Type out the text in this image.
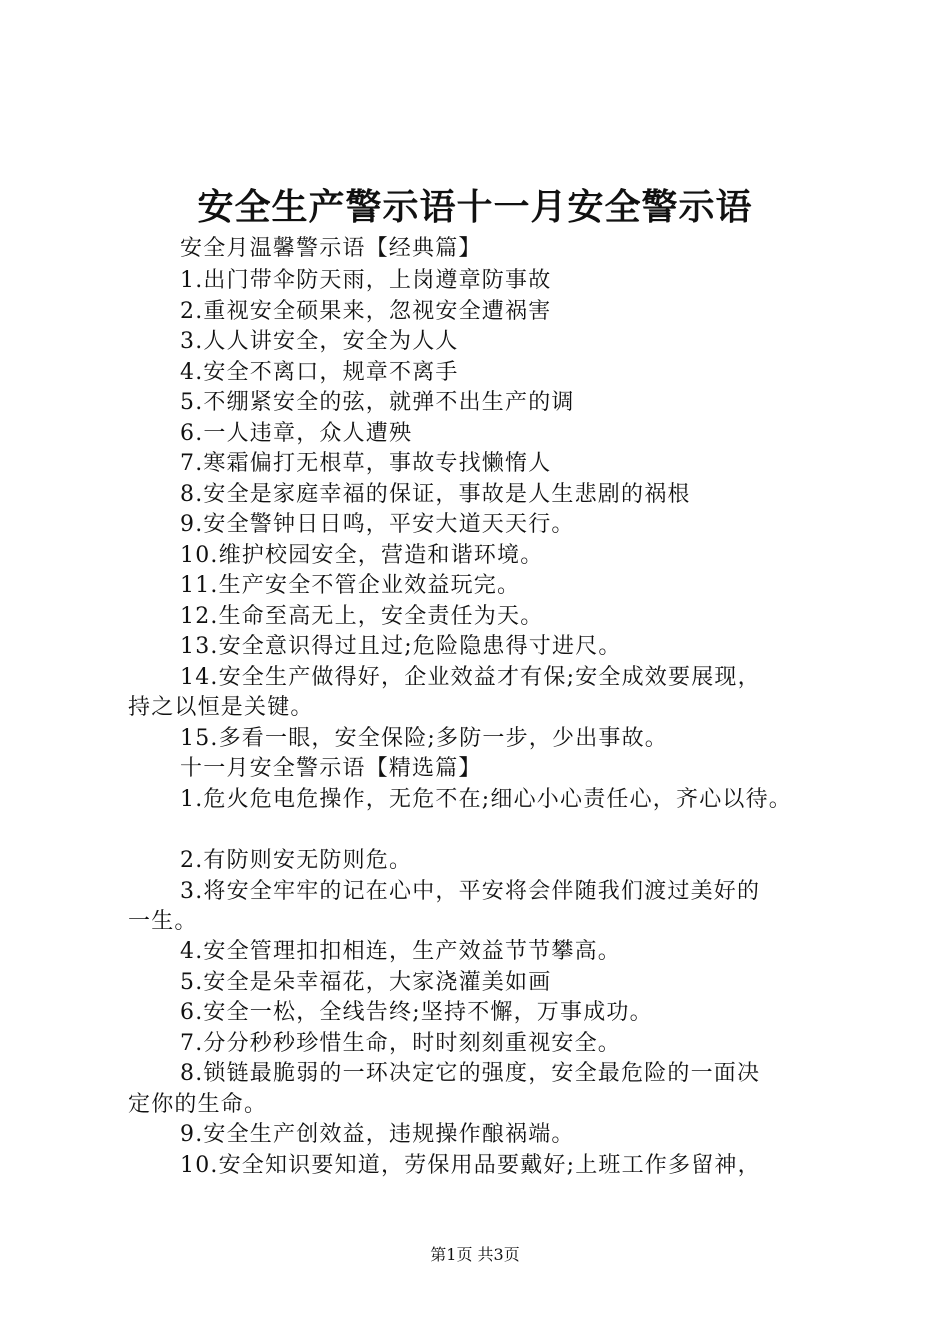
安全生产警示语十一月安全警示语
安全月温馨警示语【经典篇】
1.出门带伞防天雨，上岗遵章防事故
2.重视安全硕果来，忽视安全遭祸害
3.人人讲安全，安全为人人
4.安全不离口，规章不离手
5.不绷紧安全的弦，就弹不出生产的调
6.一人违章，众人遭殃
7.寒霜偏打无根草，事故专找懒惰人
8.安全是家庭幸福的保证，事故是人生悲剧的祸根
9.安全警钟日日鸣，平安大道天天行。
10.维护校园安全，营造和谐环境。
11.生产安全不管企业效益玩完。
12.生命至高无上，安全责任为天。
13.安全意识得过且过;危险隐患得寸进尺。
14.安全生产做得好，企业效益才有保;安全成效要展现，
持之以恒是关键。
15.多看一眼，安全保险;多防一步，少出事故。
十一月安全警示语【精选篇】
1.危火危电危操作，无危不在;细心小心责任心，齐心以待。
2.有防则安无防则危。
3.将安全牢牢的记在心中，平安将会伴随我们渡过美好的
一生。
4.安全管理扣扣相连，生产效益节节攀高。
5.安全是朵幸福花，大家浇灌美如画
6.安全一松，全线告终;坚持不懈，万事成功。
7.分分秒秒珍惜生命，时时刻刻重视安全。
8.锁链最脆弱的一环决定它的强度，安全最危险的一面决
定你的生命。
9.安全生产创效益，违规操作酿祸端。
10.安全知识要知道，劳保用品要戴好;上班工作多留神，
第1页 共3页
